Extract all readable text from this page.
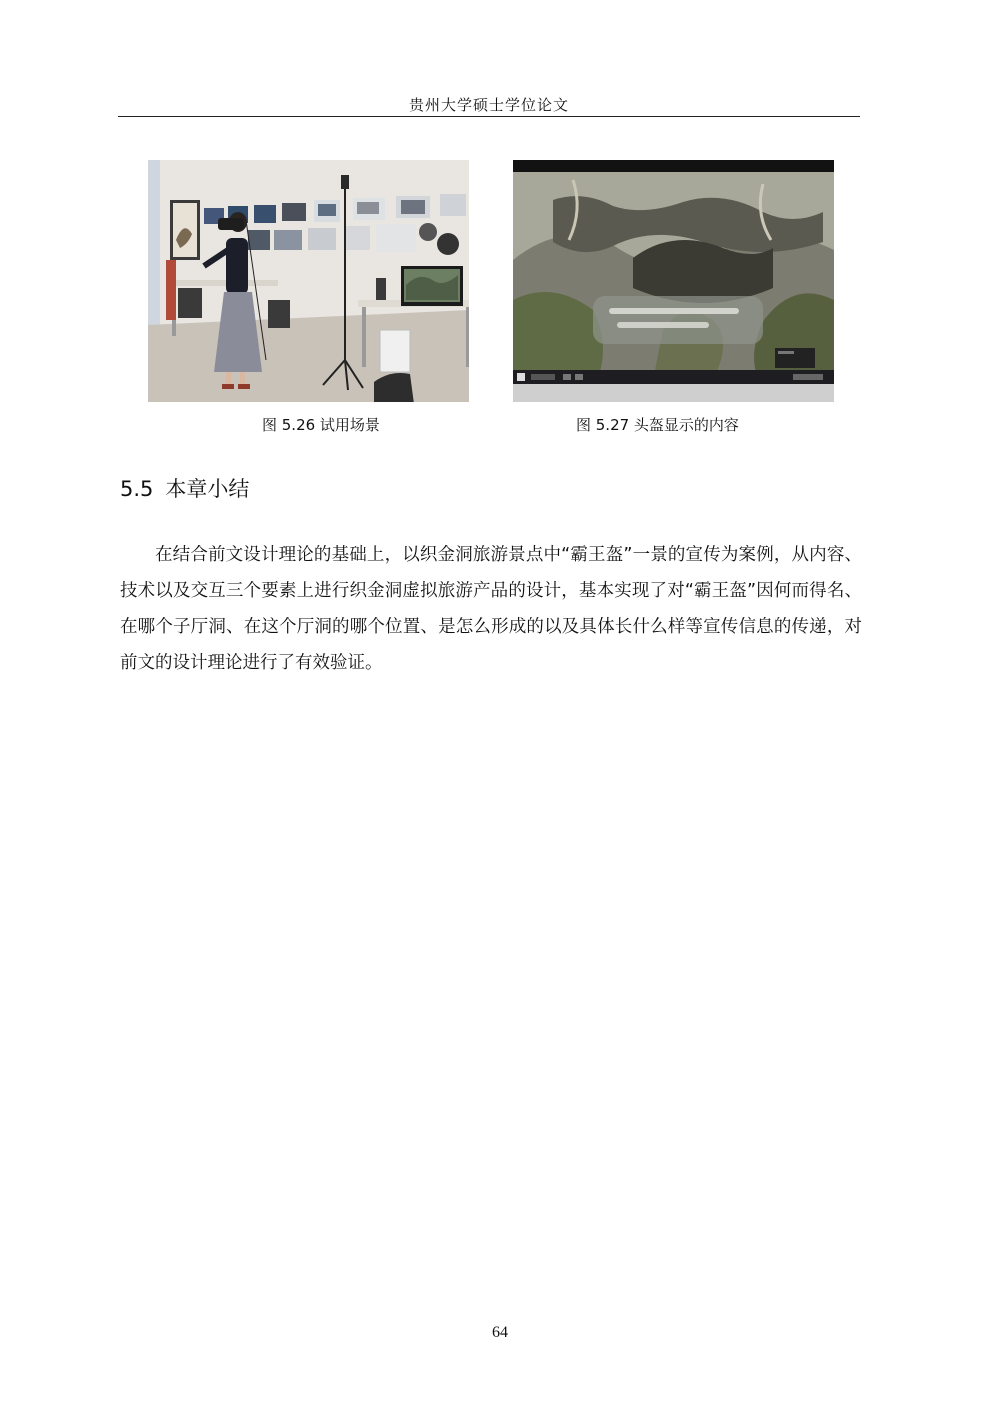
贵州大学硕士学位论文
图 5.26 试用场景	图 5.27 头盔显示的内容
5.5 本章小结

在结合前文设计理论的基础上，以织金洞旅游景点中“霸王盔”一景的宣传为案例，从内容、技术以及交互三个要素上进行织金洞虚拟旅游产品的设计，基本实现了对“霸王盔”因何而得名、在哪个子厅洞、在这个厅洞的哪个位置、是怎么形成的以及具体长什么样等宣传信息的传递，对前文的设计理论进行了有效验证。

64
